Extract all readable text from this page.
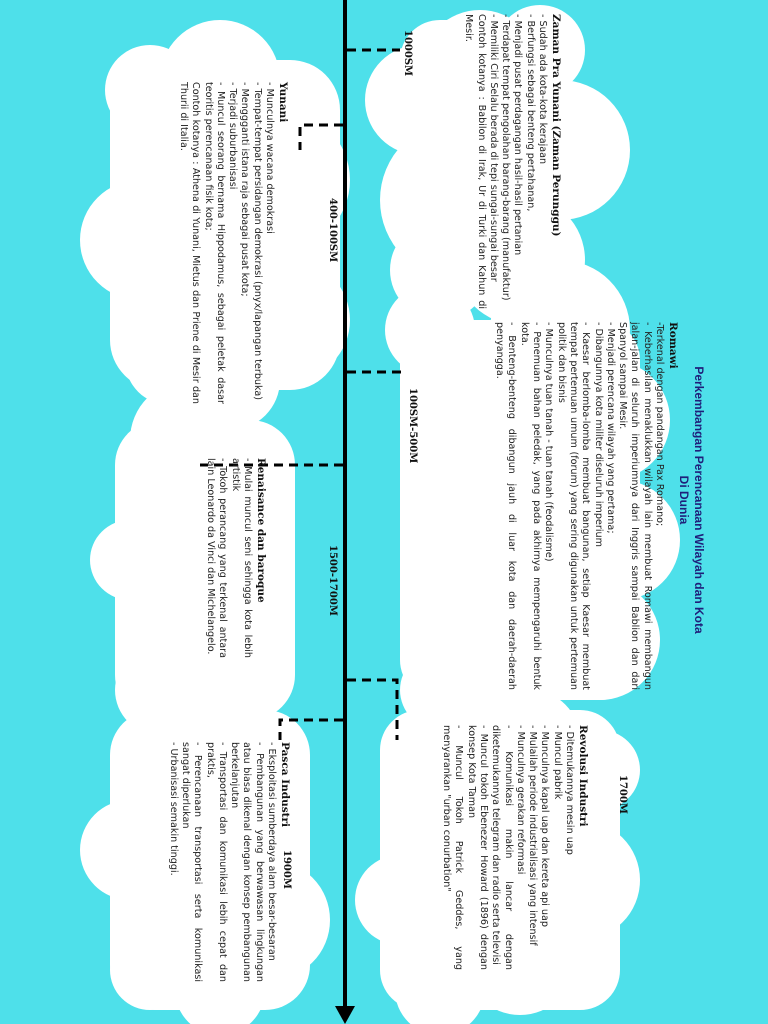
Perkembangan Perencanaan Wilayah dan Kota
Di Dunia
1000SM	Zaman Pra Yunani (Zaman Perunggu)
- Sudah ada kota-kota kerajaan
- Berfungsi sebagai benteng pertahanan,
- Menjadi pusat perdagangan hasil-hasil pertanian
- Terdapat tempat pengolahan barang-barang (manufaktur)
- Memiliki Ciri Selalu berada di tepi sungai-sungai besar
Contoh kotanya : Babilon di Irak, Ur di Turki dan Kahun di Mesir.
400-100SM
Yunani
- Munculnya wacana demokrasi
- Tempat-tempat persidangan demokrasi (pnyx/lapangan terbuka)
- Menggganti istana raja sebagai pusat kota;
- Terjadi suburbanisasi
- Muncul seorang bernama Hippodamus, sebagai peletak dasar teoritis perencanaan fisik kota;
Contoh kotanya : Athena di Yunani, Mietus dan Priene di Mesir dan Thurii di Italia.
100SM-500M
Romawi
-Terkenal dengan pandangan Pax Romano;
- Keberhasilan menaklukkan wilayah lain membuat Romawi membangun jalan-jalan di seluruh imperiumnya dari Inggris sampai Bablion dan dari Spanyol sampai Mesir.
- Menjadi perencana wilayah yang pertama;
- Dibangunnya kota militer diseluruh imperium
- Kaesar berlomba-lomba membuat bangunan, setiap Kaesar membuat tempat pertemuan umum (forum) yang sering digunakan untuk pertemuan politik dan bisnis
- Munculnya tuan tanah - tuan tanah (feodalisme)
- Penemuan bahan peledak, yang pada akhirnya mempengaruhi bentuk kota.
- Benteng-benteng dibangun jauh di luar kota dan daerah-daerah penyangga.
1500-1700M
Renaisance dan baroque
- Mulai muncul seni sehingga kota lebih artistik
- Tokoh perancang yang terkenal antara lain Leonardo da Vinci dan Michelangelo.
1700M
Revolusi Industri
- Ditemukannya mesin uap
- Muncul pabrik
- Munculnya kapal uap dan kereta api uap
- Mulailah periode industrialisasi yang intensif
- Munculnya gerakan reformasi
- Komunikasi makin lancar dengan diketemukannya telegram dan radio serta televisi
- Muncul tokoh Ebenezer Howard (1896) dengan konsep Kota Taman
- Muncul Tokoh Patrick Geddes, yang menyarankan "urban conurbation"
1900M
Pasca Industri
- Eksploitasi sumberdaya alam besar-besaran
- Pembangunan yang berwawasan lingkungan atau biasa dikenal dengan konsep pembangunan berkelanjutan
- Transportasi dan komunikasi lebih cepat dan praktis,
- Perencanaan transportasi serta komunikasi sangat diperlukan
- Urbanisasi semakin tinggi.
